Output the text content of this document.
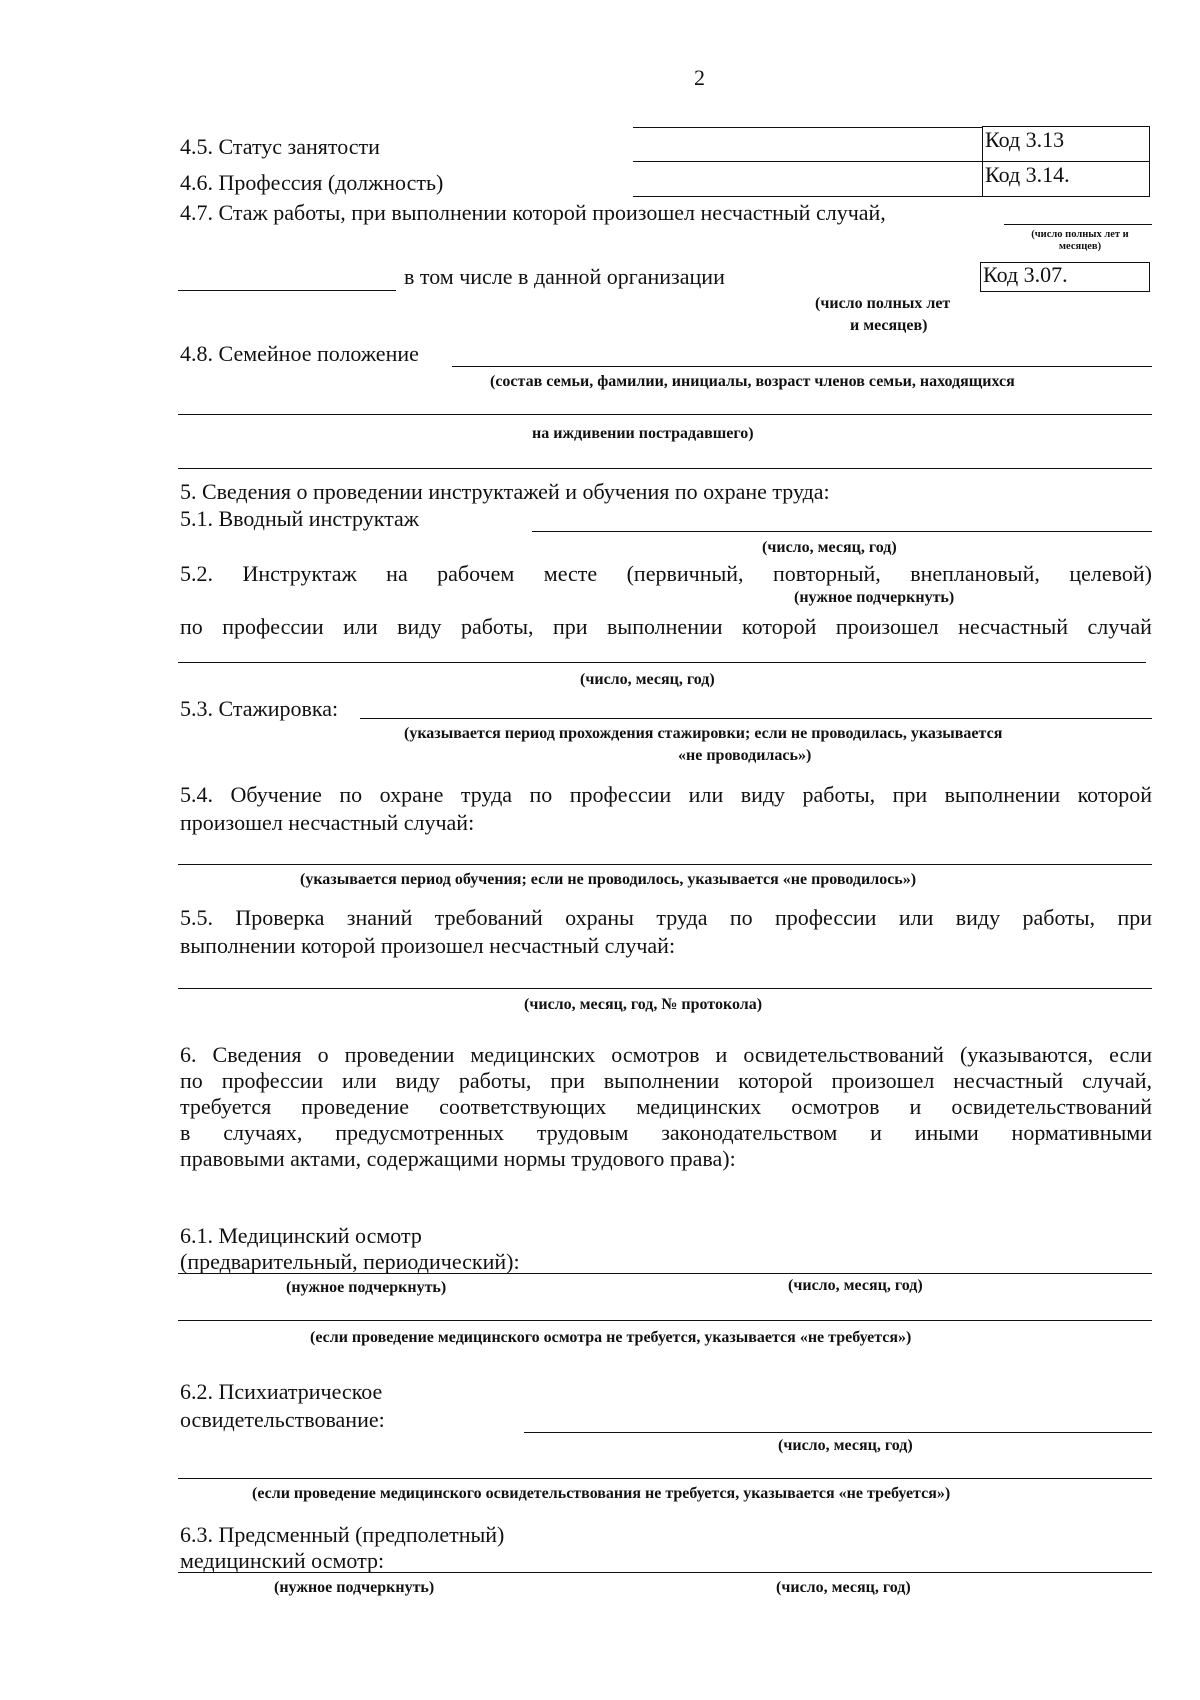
2
4.5. Статус занятости	Код 3.13
4.6. Профессия (должность)	Код 3.14.
4.7. Стаж работы, при выполнении которой произошел несчастный случай,
(число полных лет и месяцев)
в том числе в данной организации	Код 3.07.
(число полных лет
и месяцев)
4.8. Семейное положение
(состав семьи, фамилии, инициалы, возраст членов семьи, находящихся
на иждивении пострадавшего)
5. Сведения о проведении инструктажей и обучения по охране труда:
5.1. Вводный инструктаж
(число, месяц, год)
5.2. Инструктаж на рабочем месте (первичный, повторный, внеплановый, целевой)
(нужное подчеркнуть)
по профессии или виду работы, при выполнении которой произошел несчастный случай
(число, месяц, год)
5.3. Стажировка:
(указывается период прохождения стажировки; если не проводилась, указывается
«не проводилась»)
5.4. Обучение по охране труда по профессии или виду работы, при выполнении которой
произошел несчастный случай:
(указывается период обучения; если не проводилось, указывается «не проводилось»)
5.5. Проверка знаний требований охраны труда по профессии или виду работы, при
выполнении которой произошел несчастный случай:
(число, месяц, год, № протокола)
6. Сведения о проведении медицинских осмотров и освидетельствований (указываются, если
по профессии или виду работы, при выполнении которой произошел несчастный случай,
требуется проведение соответствующих медицинских осмотров и освидетельствований
в случаях, предусмотренных трудовым законодательством и иными нормативными
правовыми актами, содержащими нормы трудового права):
6.1. Медицинский осмотр
(предварительный, периодический):
(нужное подчеркнуть)	(число, месяц, год)
(если проведение медицинского осмотра не требуется, указывается «не требуется»)
6.2. Психиатрическое
освидетельствование:
(число, месяц, год)
(если проведение медицинского освидетельствования не требуется, указывается «не требуется»)
6.3. Предсменный (предполетный)
медицинский осмотр:
(нужное подчеркнуть)	(число, месяц, год)
